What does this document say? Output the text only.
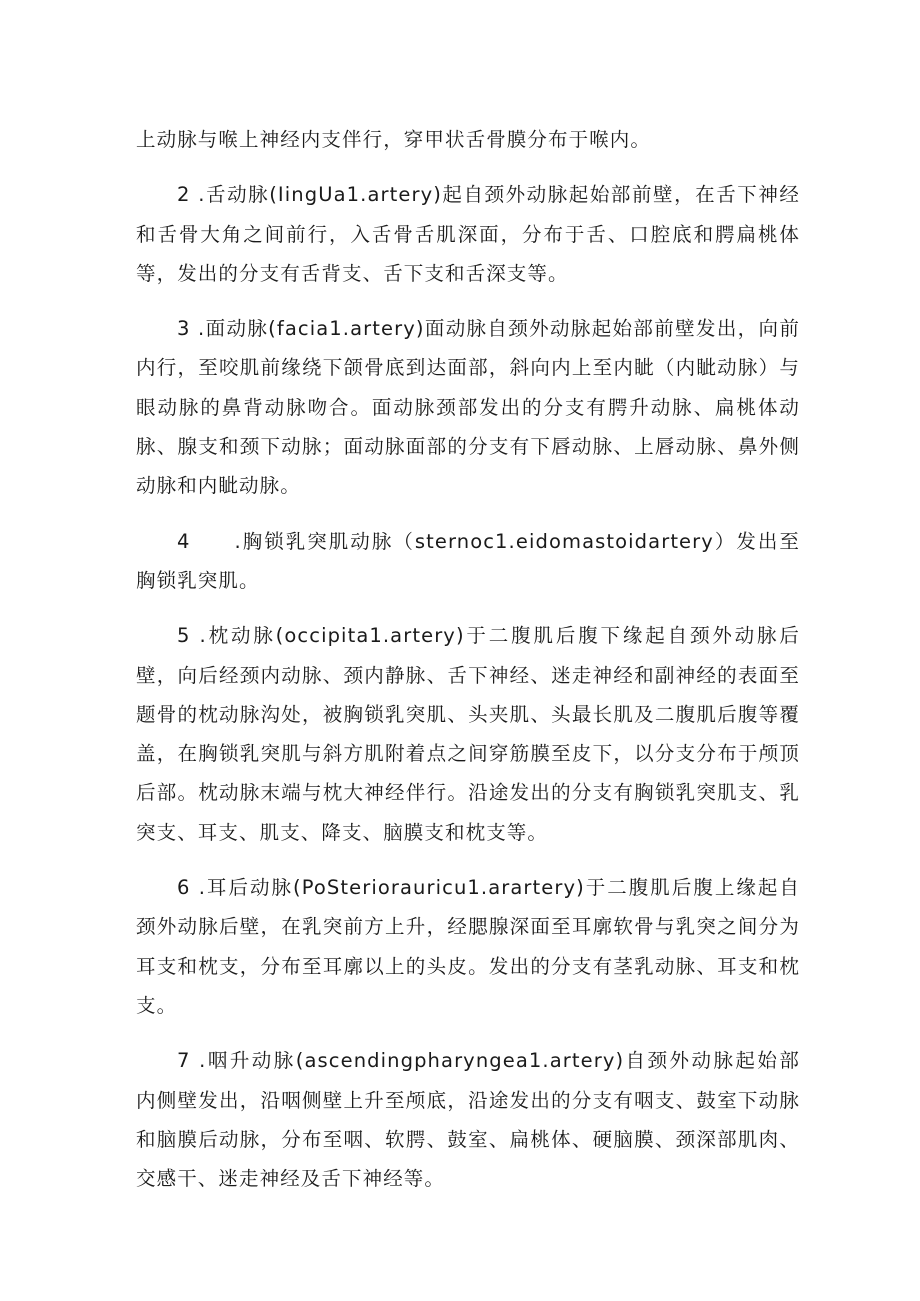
上动脉与喉上神经内支伴行，穿甲状舌骨膜分布于喉内。

2 .舌动脉(IingUa1.artery)起自颈外动脉起始部前壁，在舌下神经和舌骨大角之间前行，入舌骨舌肌深面，分布于舌、口腔底和腭扁桃体等，发出的分支有舌背支、舌下支和舌深支等。

3 .面动脉(facia1.artery)面动脉自颈外动脉起始部前壁发出，向前内行，至咬肌前缘绕下颌骨底到达面部，斜向内上至内眦（内眦动脉）与眼动脉的鼻背动脉吻合。面动脉颈部发出的分支有腭升动脉、扁桃体动脉、腺支和颈下动脉；面动脉面部的分支有下唇动脉、上唇动脉、鼻外侧动脉和内眦动脉。

4　　.胸锁乳突肌动脉（sternoc1.eidomastoidartery）发出至胸锁乳突肌。

5 .枕动脉(occipita1.artery)于二腹肌后腹下缘起自颈外动脉后壁，向后经颈内动脉、颈内静脉、舌下神经、迷走神经和副神经的表面至题骨的枕动脉沟处，被胸锁乳突肌、头夹肌、头最长肌及二腹肌后腹等覆盖，在胸锁乳突肌与斜方肌附着点之间穿筋膜至皮下，以分支分布于颅顶后部。枕动脉末端与枕大神经伴行。沿途发出的分支有胸锁乳突肌支、乳突支、耳支、肌支、降支、脑膜支和枕支等。

6 .耳后动脉(PoSteriorauricu1.arartery)于二腹肌后腹上缘起自颈外动脉后壁，在乳突前方上升，经腮腺深面至耳廓软骨与乳突之间分为耳支和枕支，分布至耳廓以上的头皮。发出的分支有茎乳动脉、耳支和枕支。

7 .咽升动脉(ascendingpharyngea1.artery)自颈外动脉起始部内侧壁发出，沿咽侧壁上升至颅底，沿途发出的分支有咽支、鼓室下动脉和脑膜后动脉，分布至咽、软腭、鼓室、扁桃体、硬脑膜、颈深部肌肉、交感干、迷走神经及舌下神经等。
